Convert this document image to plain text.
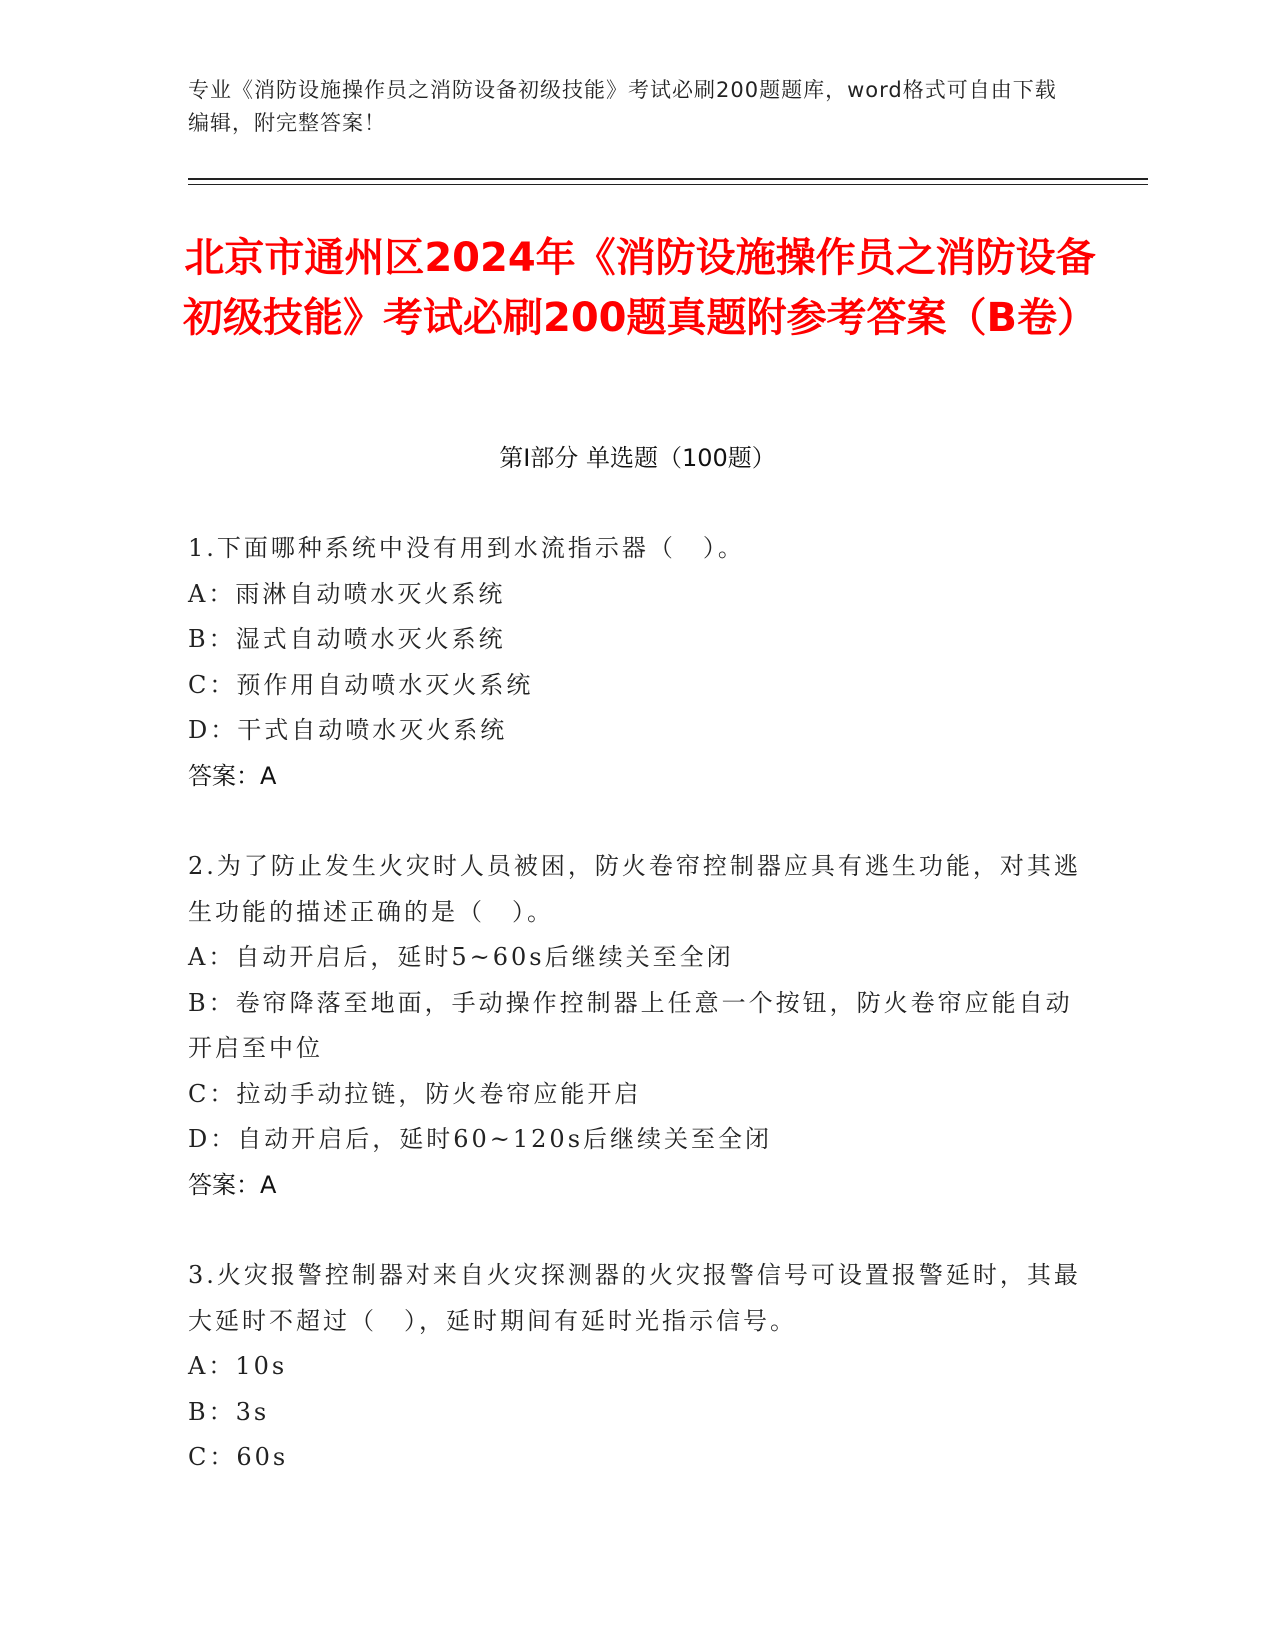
专业《消防设施操作员之消防设备初级技能》考试必刷200题题库，word格式可自由下载编辑，附完整答案！
北京市通州区2024年《消防设施操作员之消防设备初级技能》考试必刷200题真题附参考答案（B卷）
第Ⅰ部分 单选题（100题）
1.下面哪种系统中没有用到水流指示器（　）。
A：雨淋自动喷水灭火系统
B：湿式自动喷水灭火系统
C：预作用自动喷水灭火系统
D：干式自动喷水灭火系统
答案：A
2.为了防止发生火灾时人员被困，防火卷帘控制器应具有逃生功能，对其逃生功能的描述正确的是（　）。
A：自动开启后，延时5~60s后继续关至全闭
B：卷帘降落至地面，手动操作控制器上任意一个按钮，防火卷帘应能自动开启至中位
C：拉动手动拉链，防火卷帘应能开启
D：自动开启后，延时60~120s后继续关至全闭
答案：A
3.火灾报警控制器对来自火灾探测器的火灾报警信号可设置报警延时，其最大延时不超过（　），延时期间有延时光指示信号。
A：10s
B：3s
C：60s
